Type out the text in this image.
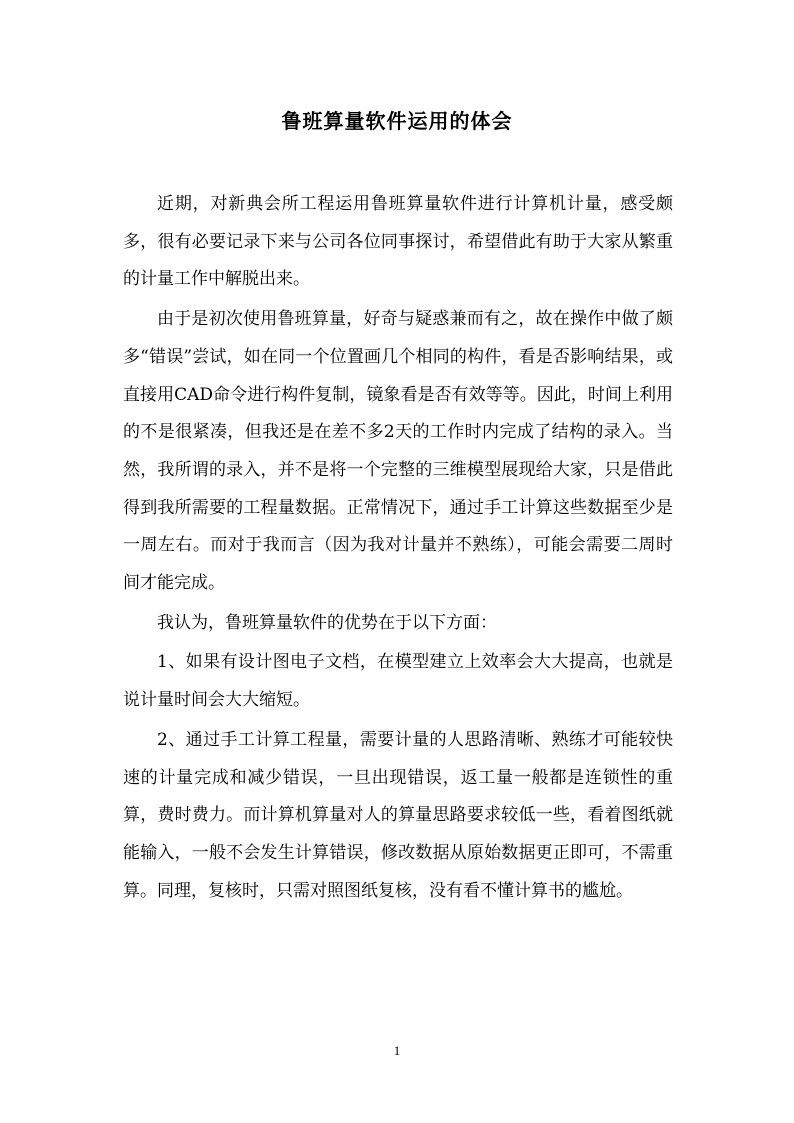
鲁班算量软件运用的体会

近期，对新典会所工程运用鲁班算量软件进行计算机计量，感受颇多，很有必要记录下来与公司各位同事探讨，希望借此有助于大家从繁重的计量工作中解脱出来。

由于是初次使用鲁班算量，好奇与疑惑兼而有之，故在操作中做了颇多“错误”尝试，如在同一个位置画几个相同的构件，看是否影响结果，或直接用CAD命令进行构件复制，镜象看是否有效等等。因此，时间上利用的不是很紧凑，但我还是在差不多2天的工作时内完成了结构的录入。当然，我所谓的录入，并不是将一个完整的三维模型展现给大家，只是借此得到我所需要的工程量数据。正常情况下，通过手工计算这些数据至少是一周左右。而对于我而言（因为我对计量并不熟练），可能会需要二周时间才能完成。

我认为，鲁班算量软件的优势在于以下方面：

1、如果有设计图电子文档，在模型建立上效率会大大提高，也就是说计量时间会大大缩短。

2、通过手工计算工程量，需要计量的人思路清晰、熟练才可能较快速的计量完成和减少错误，一旦出现错误，返工量一般都是连锁性的重算，费时费力。而计算机算量对人的算量思路要求较低一些，看着图纸就能输入，一般不会发生计算错误，修改数据从原始数据更正即可，不需重算。同理，复核时，只需对照图纸复核，没有看不懂计算书的尴尬。

1
